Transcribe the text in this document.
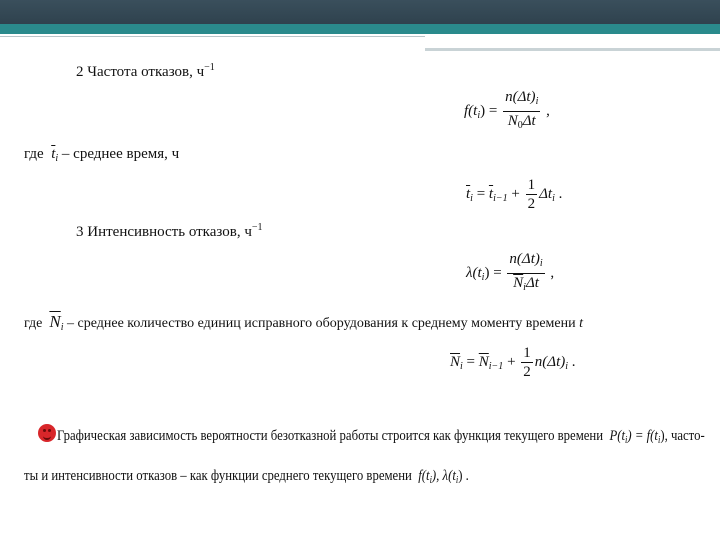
2 Частота отказов, $ч^{-1}$
$f(t_i) = \frac{n(\Delta t)_i}{N_0\Delta t}$ ,
где $\overline{t}_i$ – среднее время, ч
$\overline{t}_i = \overline{t}_{i-1} + \frac{1}{2} \Delta t_i$ .
3 Интенсивность отказов, $ч^{-1}$
$\lambda(t_i) = \frac{n(\Delta t)_i}{\overline{N}_i\Delta t}$ ,
где $\overline{N}_i$ – среднее количество единиц исправного оборудования к среднему моменту времени t
$\overline{N}_i = \overline{N}_{i-1} + \frac{1}{2} n(\Delta t)_i$ .
Графическая зависимость вероятности безотказной работы строится как функция текущего времени $P(t_i) = f(t_i)$, часто-
ты и интенсивности отказов – как функции среднего текущего времени $f(t_i)$, $\lambda(t_i)$ .
